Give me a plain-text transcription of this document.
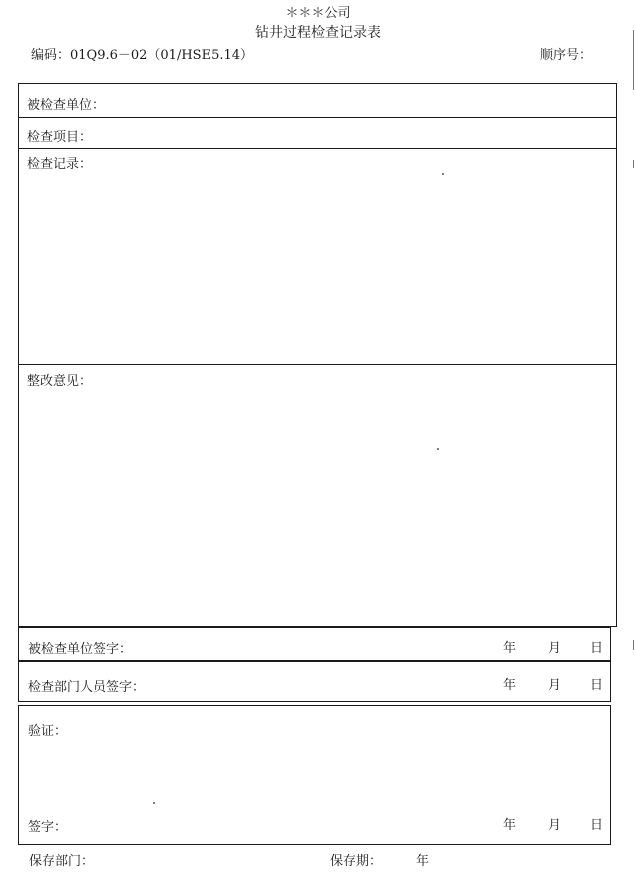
＊＊＊公司
钻井过程检查记录表
编码：01Q9.6－02（01/HSE5.14）	顺序号：
被检查单位：
检查项目：
检查记录：
整改意见：
被检查单位签字：	年 月 日
检查部门人员签字：	年 月 日
验证：
签字：	年 月 日
保存部门：	保存期：	年
